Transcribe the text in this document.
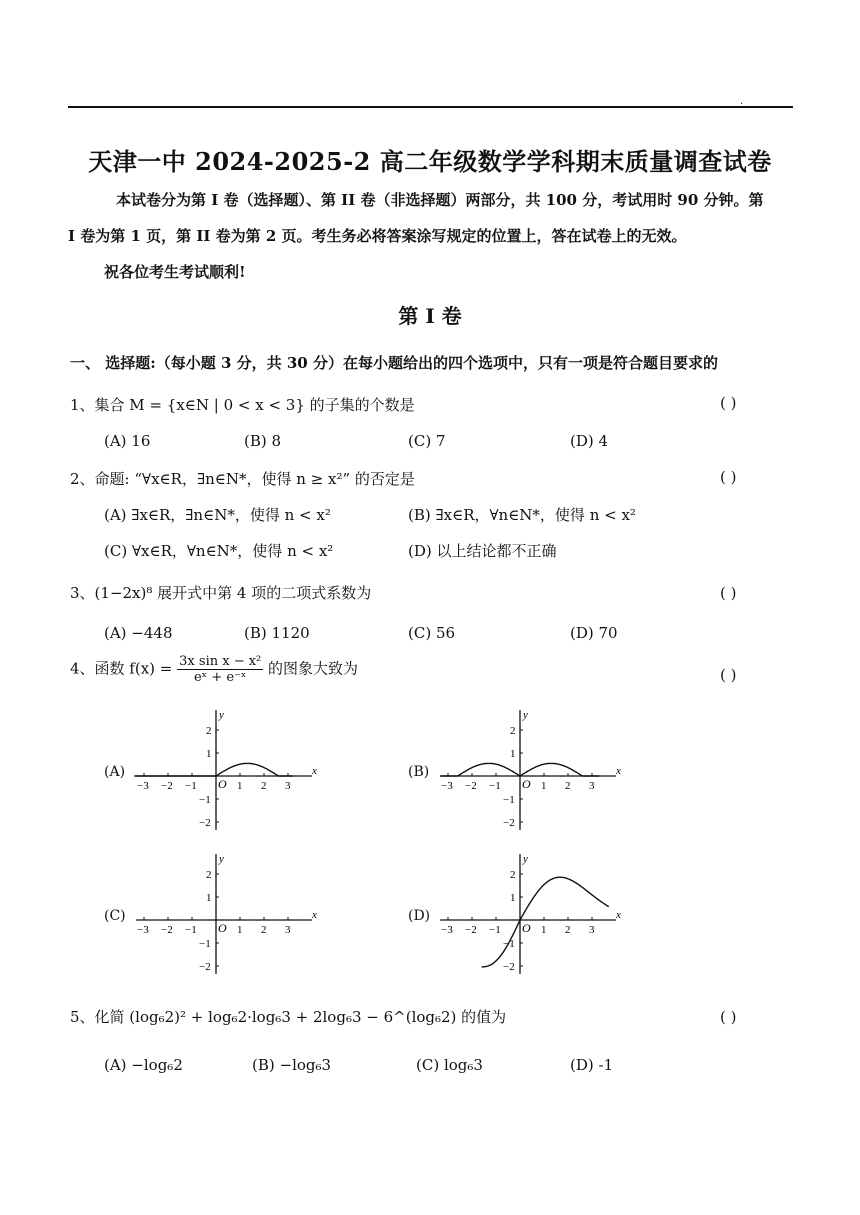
.
天津一中 2024-2025-2 高二年级数学学科期末质量调查试卷
本试卷分为第 I 卷（选择题）、第 II 卷（非选择题）两部分，共 100 分，考试用时 90 分钟。第
I 卷为第 1 页，第 II 卷为第 2 页。考生务必将答案涂写规定的位置上，答在试卷上的无效。
祝各位考生考试顺利!
第 I 卷
一、 选择题:（每小题 3 分，共 30 分）在每小题给出的四个选项中，只有一项是符合题目要求的
1、集合 M = {x∈N | 0 < x < 3} 的子集的个数是	( )
(A) 16	(B) 8	(C) 7	(D) 4
2、命题: “∀x∈R，∃n∈N*，使得 n ≥ x²” 的否定是	( )
(A) ∃x∈R，∃n∈N*，使得 n < x²	(B) ∃x∈R，∀n∈N*，使得 n < x²
(C) ∀x∈R，∀n∈N*，使得 n < x²	(D) 以上结论都不正确
3、(1−2x)⁸ 展开式中第 4 项的二项式系数为	( )
(A) −448	(B) 1120	(C) 56	(D) 70
4、函数 $f(x) = \frac{\text{3x sin x − x²}}{\text{eˣ + e⁻ˣ}}$ 的图象大致为	( )
(A)	(B)
(C)	(D)
x
y
O
−3 −2 −1	1 2 3
2
1
−1
−2
x
y
O
−3 −2 −1	1 2 3
2
1
−1
−2
x
y
O
−3 −2 −1	1 2 3
2
1
−1
−2
x
y
O
−3 −2 −1	1 2 3
2
1
−1
−2
5、化简 (log₆2)² + log₆2·log₆3 + 2log₆3 − 6^(log₆2) 的值为	( )
(A) −log₆2	(B) −log₆3	(C) log₆3	(D) -1
